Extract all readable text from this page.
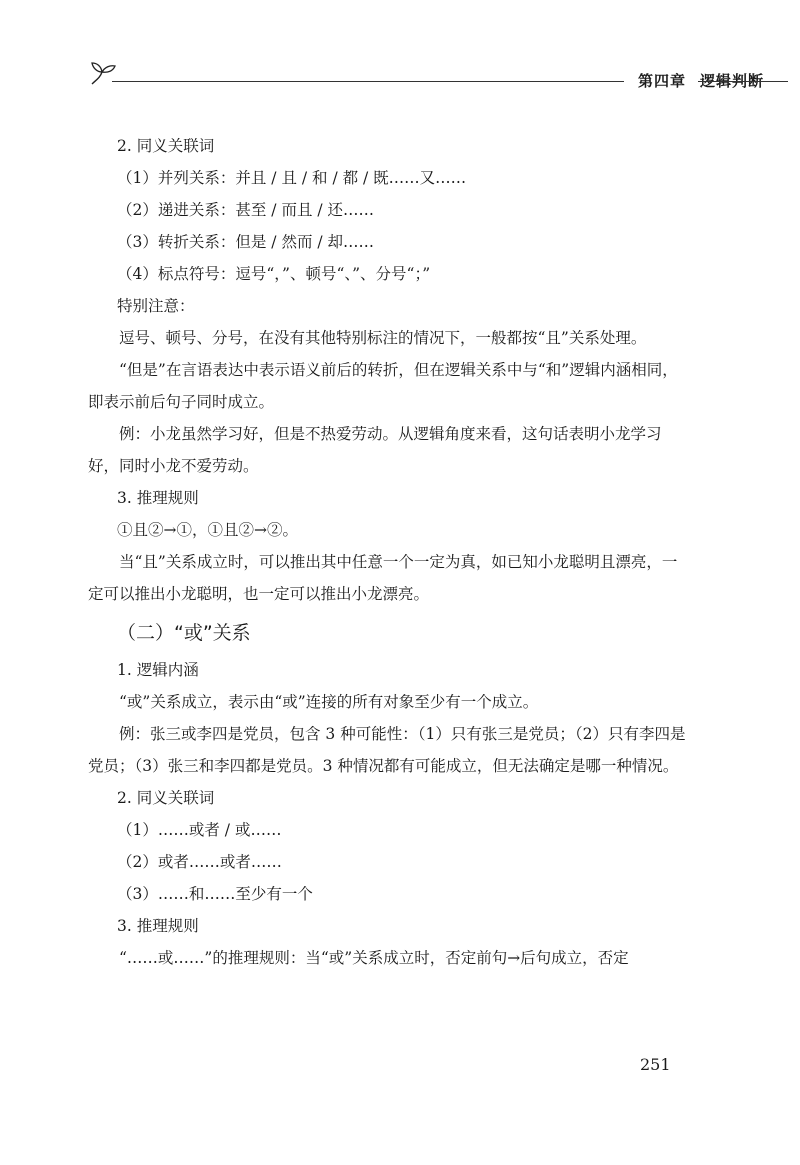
第四章 逻辑判断

2. 同义关联词

（1）并列关系：并且 / 且 / 和 / 都 / 既……又……

（2）递进关系：甚至 / 而且 / 还……

（3）转折关系：但是 / 然而 / 却……

（4）标点符号：逗号“，”、顿号“、”、分号“；”

特别注意：

逗号、顿号、分号，在没有其他特别标注的情况下，一般都按“且”关系处理。

“但是”在言语表达中表示语义前后的转折，但在逻辑关系中与“和”逻辑内涵相同，即表示前后句子同时成立。

例：小龙虽然学习好，但是不热爱劳动。从逻辑角度来看，这句话表明小龙学习好，同时小龙不爱劳动。

3. 推理规则

①且②→①，①且②→②。

当“且”关系成立时，可以推出其中任意一个一定为真，如已知小龙聪明且漂亮，一定可以推出小龙聪明，也一定可以推出小龙漂亮。

（二）“或”关系

1. 逻辑内涵

“或”关系成立，表示由“或”连接的所有对象至少有一个成立。

例：张三或李四是党员，包含 3 种可能性：（1）只有张三是党员；（2）只有李四是党员；（3）张三和李四都是党员。3 种情况都有可能成立，但无法确定是哪一种情况。

2. 同义关联词

（1）……或者 / 或……

（2）或者……或者……

（3）……和……至少有一个

3. 推理规则

“……或……”的推理规则：当“或”关系成立时，否定前句→后句成立，否定

251
